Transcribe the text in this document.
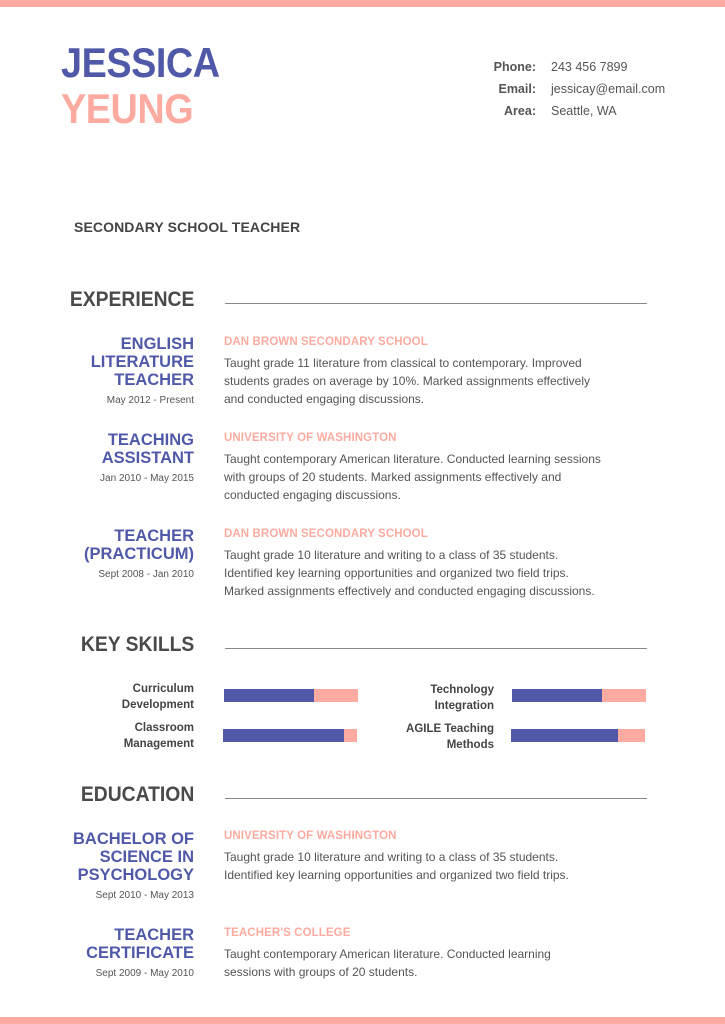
JESSICA
YEUNG
Phone:	243 456 7899
Email:	jessicay@email.com
Area:	Seattle, WA
SECONDARY SCHOOL TEACHER
EXPERIENCE
ENGLISH
LITERATURE
TEACHER
May 2012 - Present
DAN BROWN SECONDARY SCHOOL
Taught grade 11 literature from classical to contemporary. Improved
students grades on average by 10%. Marked assignments effectively
and conducted engaging discussions.
TEACHING
ASSISTANT
Jan 2010 - May 2015
UNIVERSITY OF WASHINGTON
Taught contemporary American literature. Conducted learning sessions
with groups of 20 students. Marked assignments effectively and
conducted engaging discussions.
TEACHER
(PRACTICUM)
Sept 2008 - Jan 2010
DAN BROWN SECONDARY SCHOOL
Taught grade 10 literature and writing to a class of 35 students.
Identified key learning opportunities and organized two field trips.
Marked assignments effectively and conducted engaging discussions.
KEY SKILLS
Curriculum
Development
Classroom
Management
Technology
Integration
AGILE Teaching
Methods
EDUCATION
BACHELOR OF
SCIENCE IN
PSYCHOLOGY
Sept 2010 - May 2013
UNIVERSITY OF WASHINGTON
Taught grade 10 literature and writing to a class of 35 students.
Identified key learning opportunities and organized two field trips.
TEACHER
CERTIFICATE
Sept 2009 - May 2010
TEACHER'S COLLEGE
Taught contemporary American literature. Conducted learning
sessions with groups of 20 students.
